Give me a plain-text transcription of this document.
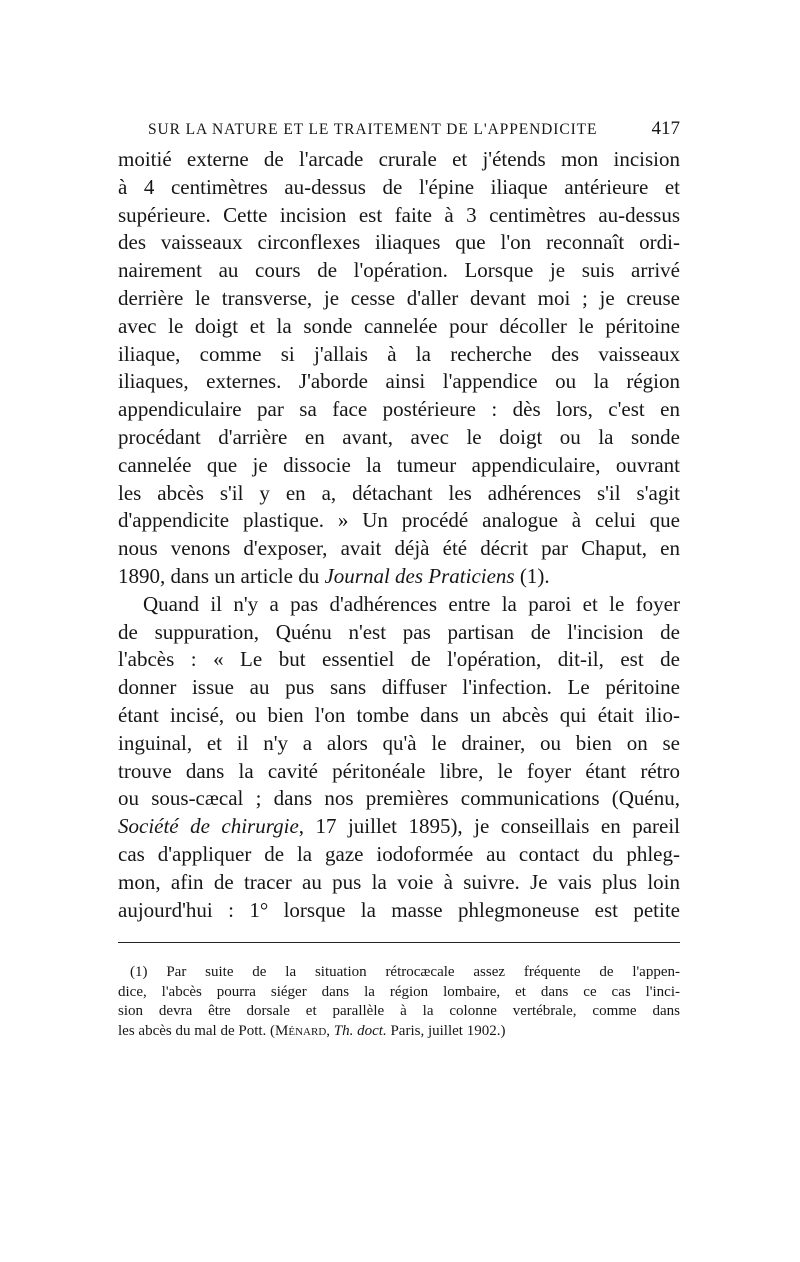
SUR LA NATURE ET LE TRAITEMENT DE L'APPENDICITE	417
moitié externe de l'arcade crurale et j'étends mon incision
à 4 centimètres au-dessus de l'épine iliaque antérieure et
supérieure. Cette incision est faite à 3 centimètres au-dessus
des vaisseaux circonflexes iliaques que l'on reconnaît ordi-
nairement au cours de l'opération. Lorsque je suis arrivé
derrière le transverse, je cesse d'aller devant moi ; je creuse
avec le doigt et la sonde cannelée pour décoller le péritoine
iliaque, comme si j'allais à la recherche des vaisseaux
iliaques, externes. J'aborde ainsi l'appendice ou la région
appendiculaire par sa face postérieure : dès lors, c'est en
procédant d'arrière en avant, avec le doigt ou la sonde
cannelée que je dissocie la tumeur appendiculaire, ouvrant
les abcès s'il y en a, détachant les adhérences s'il s'agit
d'appendicite plastique. » Un procédé analogue à celui que
nous venons d'exposer, avait déjà été décrit par Chaput, en
1890, dans un article du Journal des Praticiens (1).
Quand il n'y a pas d'adhérences entre la paroi et le foyer
de suppuration, Quénu n'est pas partisan de l'incision de
l'abcès : « Le but essentiel de l'opération, dit-il, est de
donner issue au pus sans diffuser l'infection. Le péritoine
étant incisé, ou bien l'on tombe dans un abcès qui était ilio-
inguinal, et il n'y a alors qu'à le drainer, ou bien on se
trouve dans la cavité péritonéale libre, le foyer étant rétro
ou sous-cæcal ; dans nos premières communications (Quénu,
Société de chirurgie, 17 juillet 1895), je conseillais en pareil
cas d'appliquer de la gaze iodoformée au contact du phleg-
mon, afin de tracer au pus la voie à suivre. Je vais plus loin
aujourd'hui : 1° lorsque la masse phlegmoneuse est petite
(1) Par suite de la situation rétrocæcale assez fréquente de l'appen-
dice, l'abcès pourra siéger dans la région lombaire, et dans ce cas l'inci-
sion devra être dorsale et parallèle à la colonne vertébrale, comme dans
les abcès du mal de Pott. (Ménard, Th. doct. Paris, juillet 1902.)
